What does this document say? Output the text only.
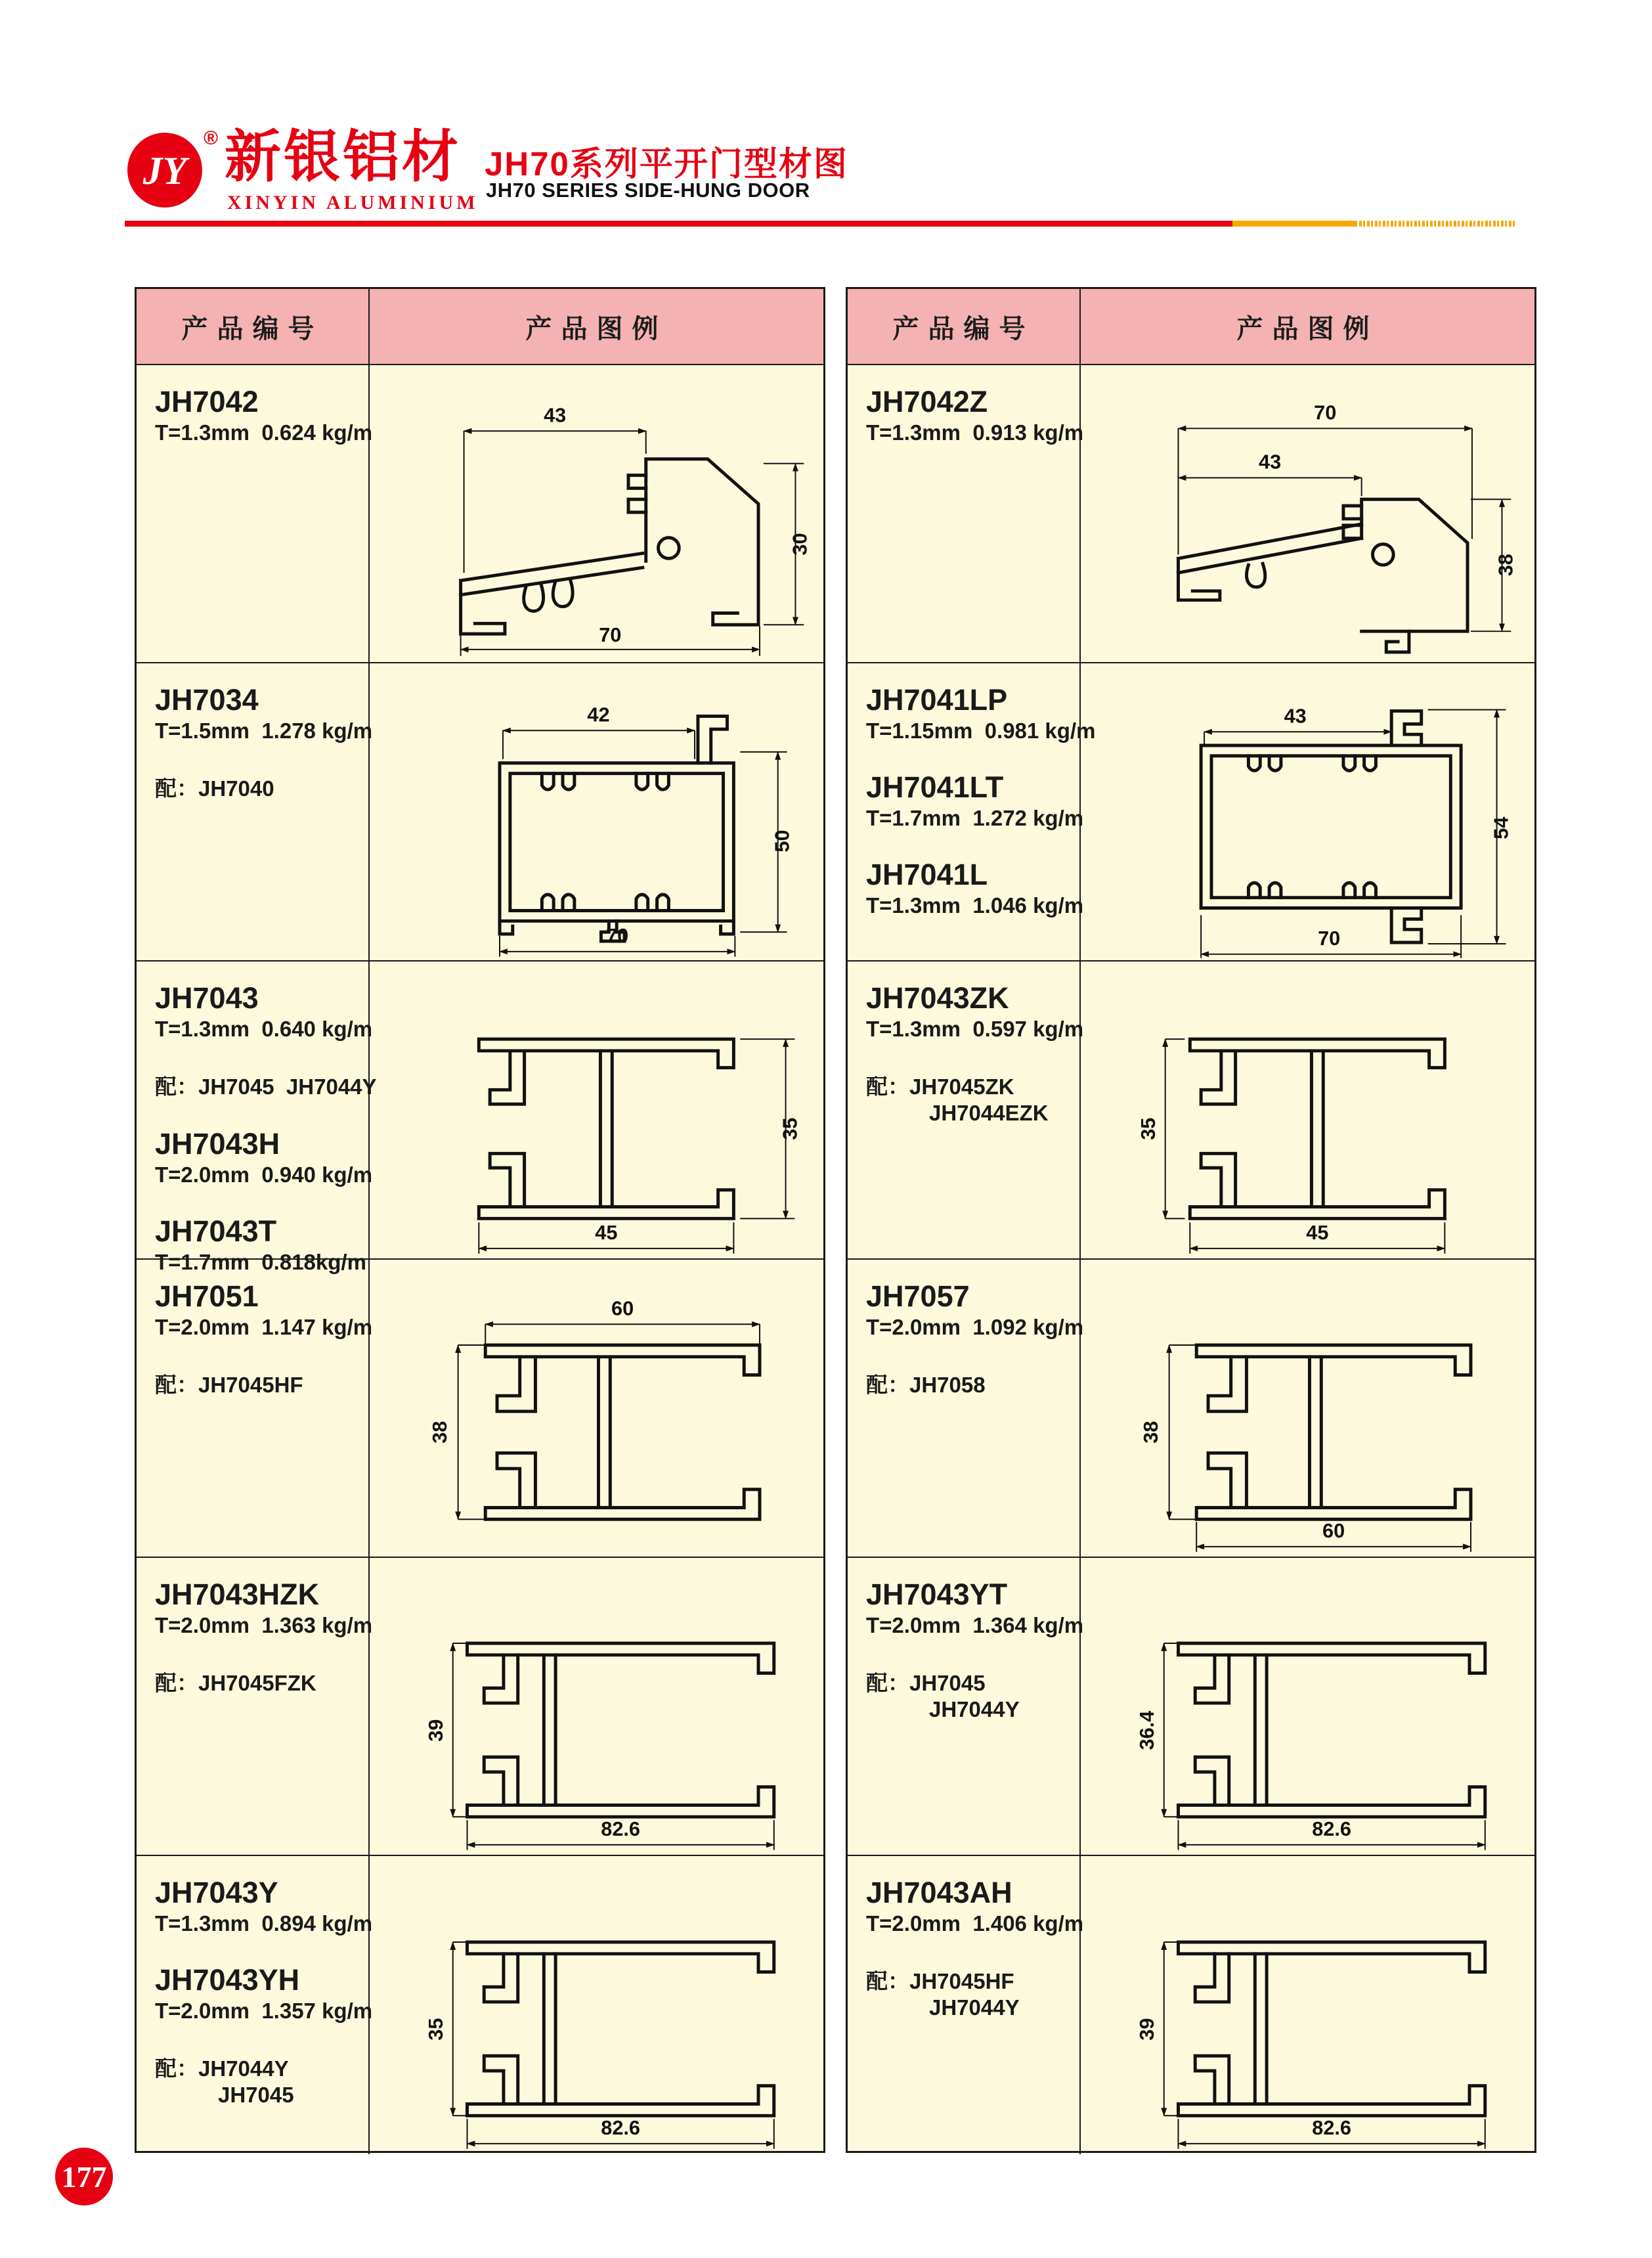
JY
® 新银铝材
XINYIN ALUMINIUM
JH70系列平开门型材图
JH70 SERIES SIDE-HUNG DOOR
产品编号	产品图例
JH7042
T=1.3mm  0.624 kg/m
43
30
70
JH7034
T=1.5mm  1.278 kg/m
配：JH7040
42
50
70
JH7043
T=1.3mm  0.640 kg/m
配：JH7045  JH7044Y
JH7043H
T=2.0mm  0.940 kg/m
JH7043T
T=1.7mm  0.818kg/m
35
45
JH7051
T=2.0mm  1.147 kg/m
配：JH7045HF
60
38
JH7043HZK
T=2.0mm  1.363 kg/m
配：JH7045FZK
39
82.6
JH7043Y
T=1.3mm  0.894 kg/m
JH7043YH
T=2.0mm  1.357 kg/m
配：JH7044Y
JH7045
35
82.6
产品编号	产品图例
JH7042Z
T=1.3mm  0.913 kg/m
70
43
38
JH7041LP
T=1.15mm  0.981 kg/m
JH7041LT
T=1.7mm  1.272 kg/m
JH7041L
T=1.3mm  1.046 kg/m
43
54
70
JH7043ZK
T=1.3mm  0.597 kg/m
配：JH7045ZK
JH7044EZK
35
45
JH7057
T=2.0mm  1.092 kg/m
配：JH7058
38
60
JH7043YT
T=2.0mm  1.364 kg/m
配：JH7045
JH7044Y
36.4
82.6
JH7043AH
T=2.0mm  1.406 kg/m
配：JH7045HF
JH7044Y
39
82.6
177
